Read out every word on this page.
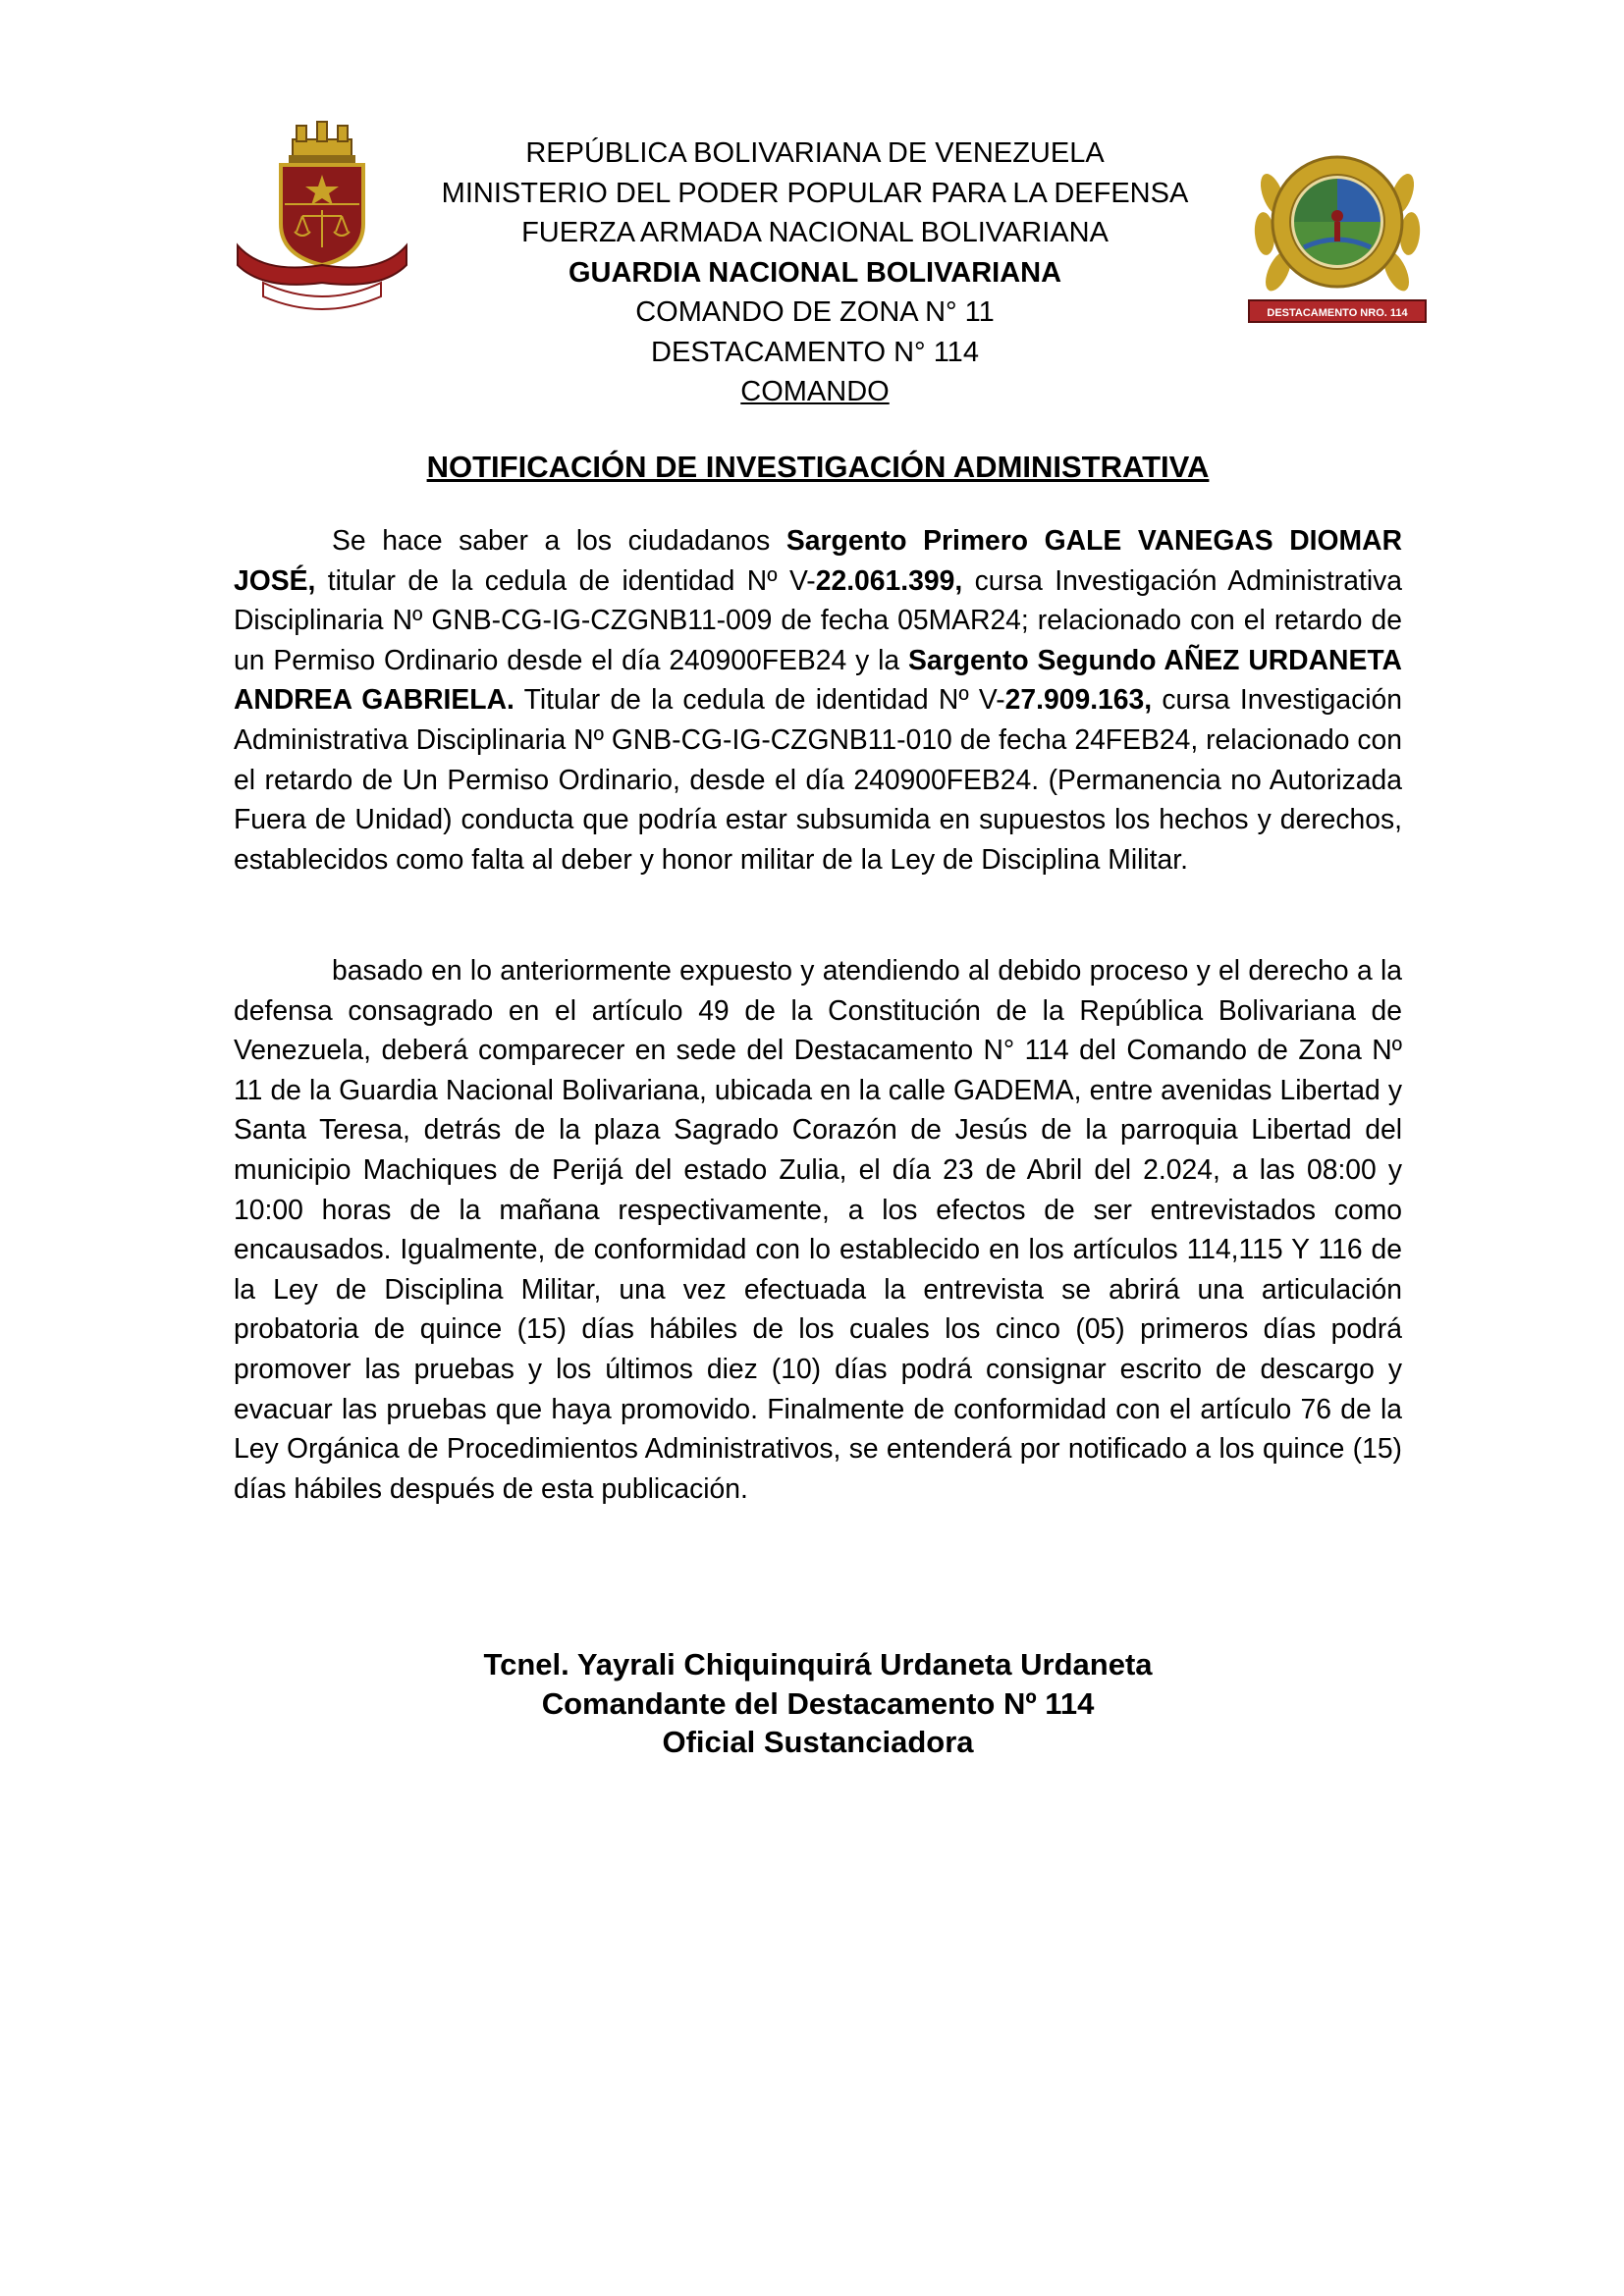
DESTACAMENTO NRO. 114
REPÚBLICA BOLIVARIANA DE VENEZUELA
MINISTERIO DEL PODER POPULAR PARA LA DEFENSA
FUERZA ARMADA NACIONAL BOLIVARIANA
GUARDIA NACIONAL BOLIVARIANA
COMANDO DE ZONA N° 11
DESTACAMENTO N° 114
COMANDO
NOTIFICACIÓN DE INVESTIGACIÓN ADMINISTRATIVA

Se hace saber a los ciudadanos Sargento Primero GALE VANEGAS DIOMAR JOSÉ, titular de la cedula de identidad Nº V-22.061.399, cursa Investigación Administrativa Disciplinaria Nº GNB-CG-IG-CZGNB11-009 de fecha 05MAR24; relacionado con el retardo de un Permiso Ordinario desde el día 240900FEB24 y la Sargento Segundo AÑEZ URDANETA ANDREA GABRIELA. Titular de la cedula de identidad Nº V-27.909.163, cursa Investigación Administrativa Disciplinaria Nº GNB-CG-IG-CZGNB11-010 de fecha 24FEB24, relacionado con el retardo de Un Permiso Ordinario, desde el día 240900FEB24. (Permanencia no Autorizada Fuera de Unidad) conducta que podría estar subsumida en supuestos los hechos y derechos, establecidos como falta al deber y honor militar de la Ley de Disciplina Militar.

basado en lo anteriormente expuesto y atendiendo al debido proceso y el derecho a la defensa consagrado en el artículo 49 de la Constitución de la República Bolivariana de Venezuela, deberá comparecer en sede del Destacamento N° 114 del Comando de Zona Nº 11 de la Guardia Nacional Bolivariana, ubicada en la calle GADEMA, entre avenidas Libertad y Santa Teresa, detrás de la plaza Sagrado Corazón de Jesús de la parroquia Libertad del municipio Machiques de Perijá del estado Zulia, el día 23 de Abril del 2.024, a las 08:00 y 10:00 horas de la mañana respectivamente, a los efectos de ser entrevistados como encausados. Igualmente, de conformidad con lo establecido en los artículos 114,115 Y 116 de la Ley de Disciplina Militar, una vez efectuada la entrevista se abrirá una articulación probatoria de quince (15) días hábiles de los cuales los cinco (05) primeros días podrá promover las pruebas y los últimos diez (10) días podrá consignar escrito de descargo y evacuar las pruebas que haya promovido. Finalmente de conformidad con el artículo 76 de la Ley Orgánica de Procedimientos Administrativos, se entenderá por notificado a los quince (15) días hábiles después de esta publicación.

Tcnel. Yayrali Chiquinquirá Urdaneta Urdaneta
Comandante del Destacamento Nº 114
Oficial Sustanciadora
